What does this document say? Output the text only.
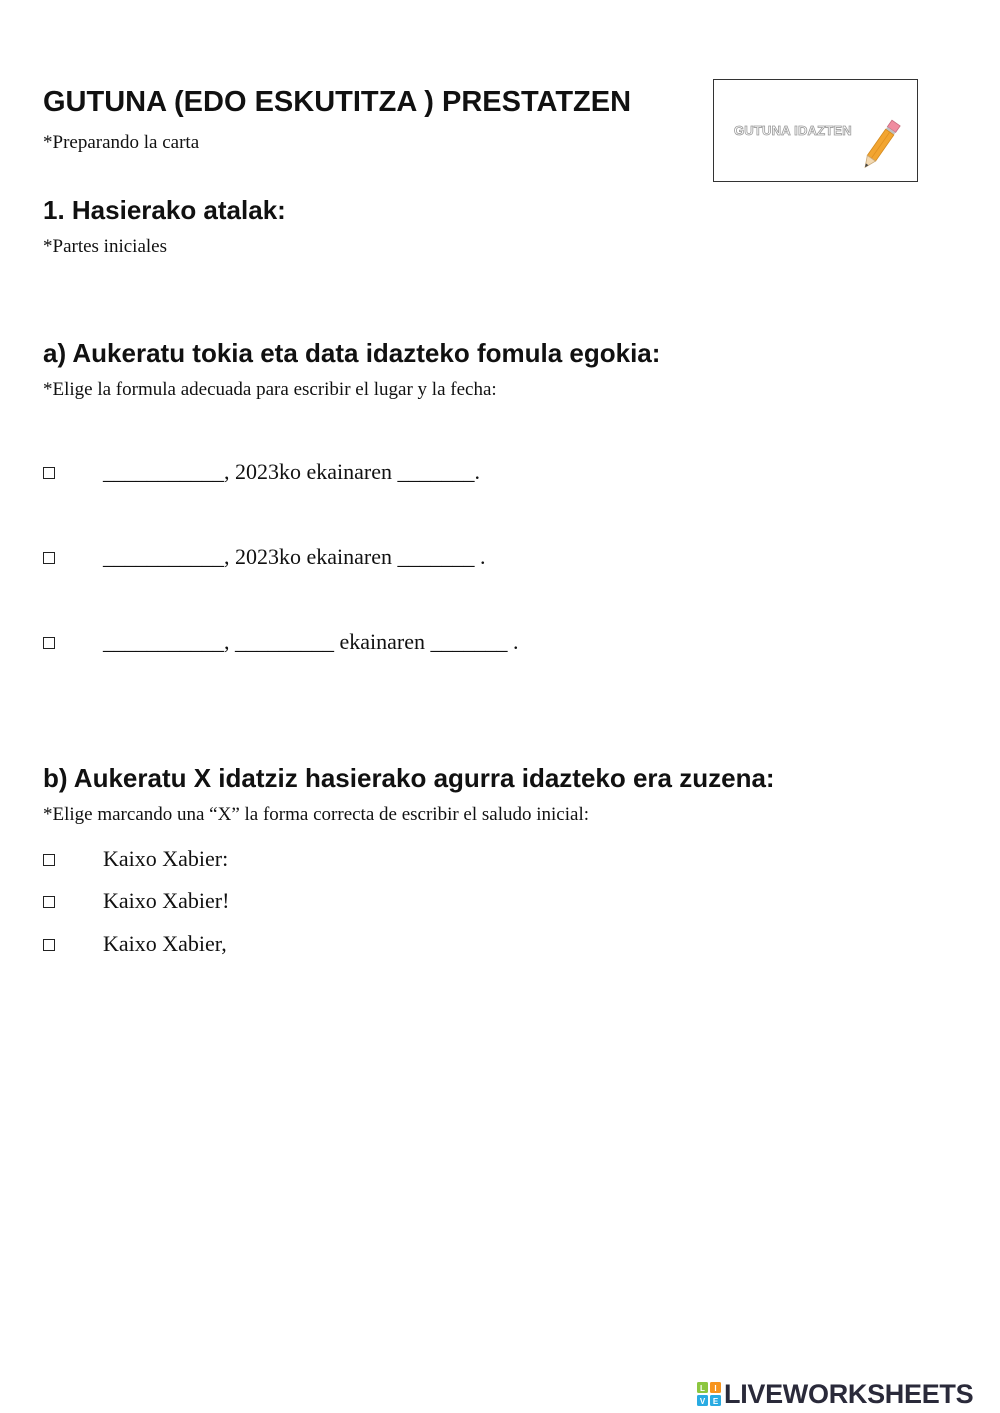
GUTUNA (EDO ESKUTITZA ) PRESTATZEN
*Preparando la carta
GUTUNA IDAZTEN
1. Hasierako atalak:
*Partes iniciales
a) Aukeratu tokia eta data idazteko fomula egokia:
*Elige la formula adecuada para escribir el lugar y la fecha:
___________, 2023ko ekainaren _______.
___________, 2023ko ekainaren _______ .
___________, _________ ekainaren _______ .
b) Aukeratu X idatziz hasierako agurra idazteko era zuzena:
*Elige marcando una “X” la forma correcta de escribir el saludo inicial:
Kaixo Xabier:
Kaixo Xabier!
Kaixo Xabier,
L I
V E LIVEWORKSHEETS
